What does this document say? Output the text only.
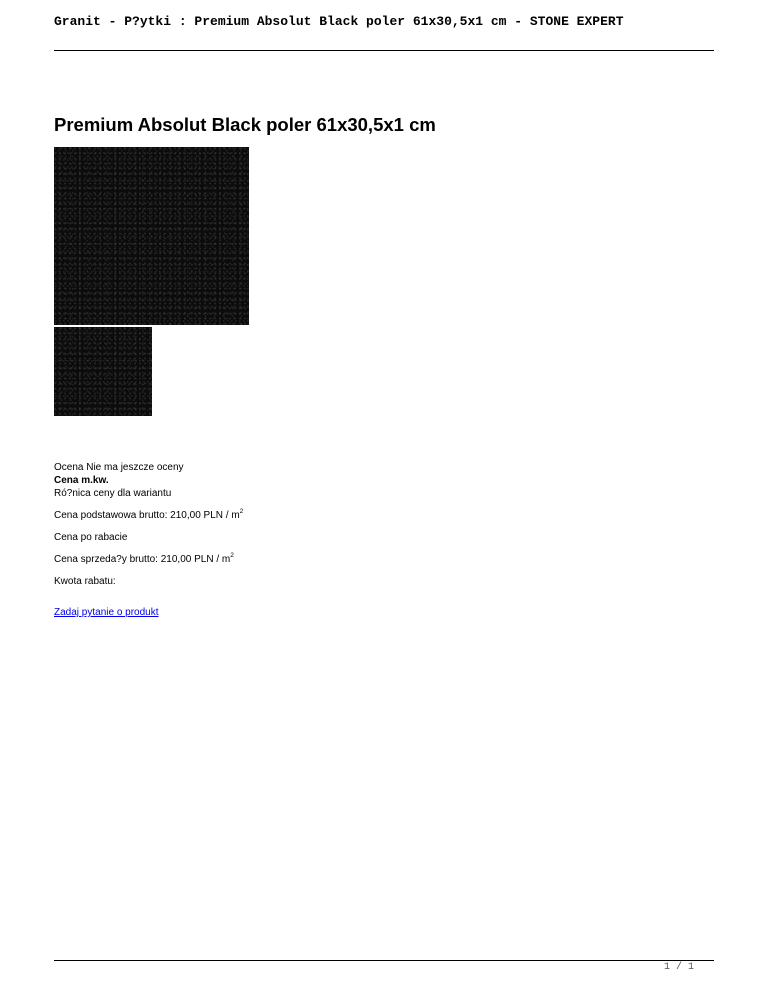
Granit - P?ytki : Premium Absolut Black poler 61x30,5x1 cm - STONE EXPERT
Premium Absolut Black poler 61x30,5x1 cm
Ocena Nie ma jeszcze oceny
Cena m.kw.
Ró?nica ceny dla wariantu
Cena podstawowa brutto: 210,00 PLN / $m^2$
Cena po rabacie
Cena sprzeda?y brutto: 210,00 PLN / $m^2$
Kwota rabatu:
Zadaj pytanie o produkt
1 / 1
